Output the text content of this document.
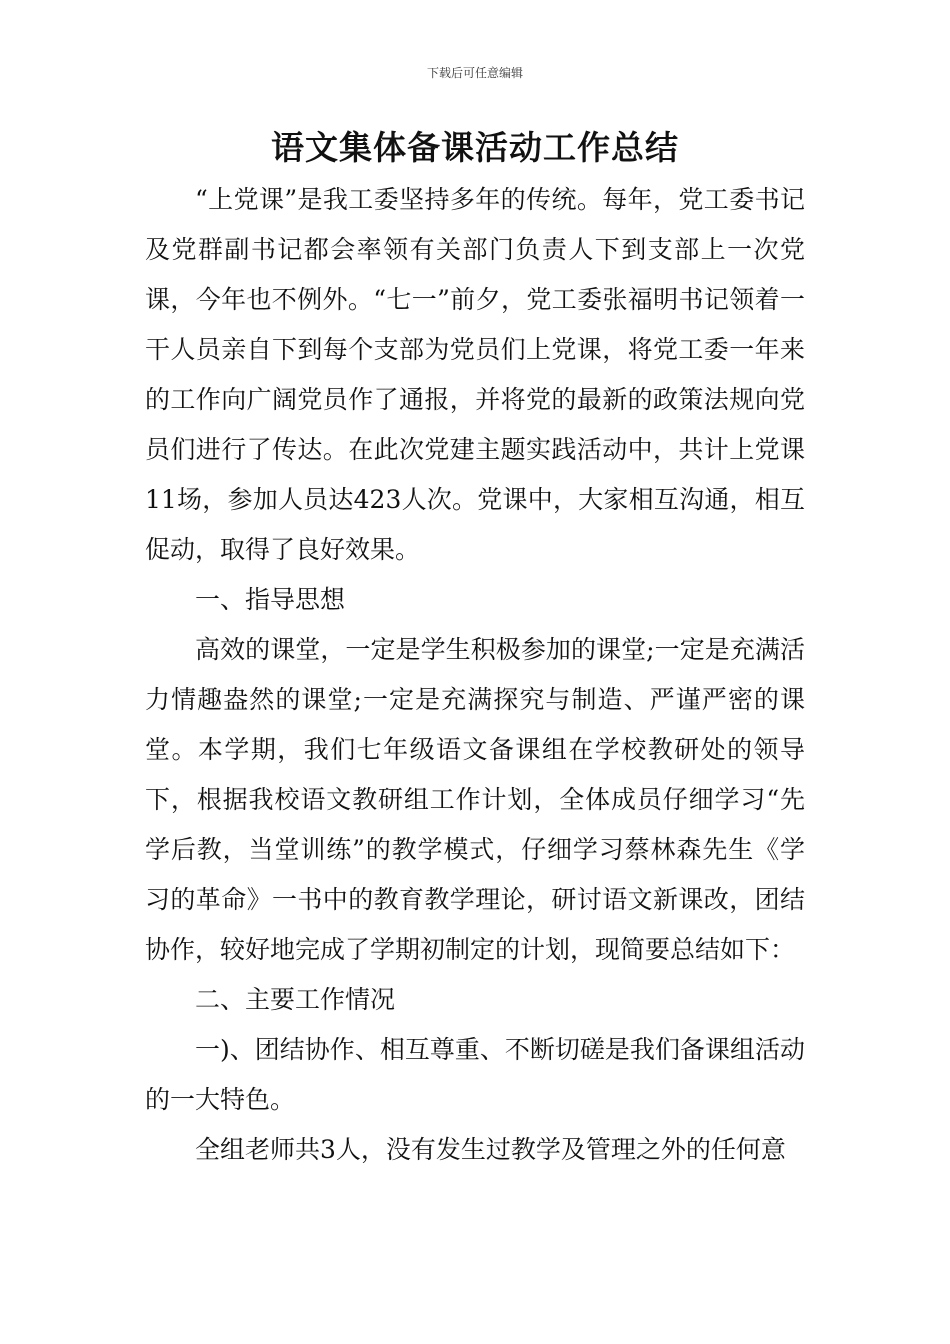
下载后可任意编辑
语文集体备课活动工作总结

“上党课”是我工委坚持多年的传统。每年，党工委书记及党群副书记都会率领有关部门负责人下到支部上一次党课，今年也不例外。“七一”前夕，党工委张福明书记领着一干人员亲自下到每个支部为党员们上党课，将党工委一年来的工作向广阔党员作了通报，并将党的最新的政策法规向党员们进行了传达。在此次党建主题实践活动中，共计上党课11场，参加人员达423人次。党课中，大家相互沟通，相互促动，取得了良好效果。

一、指导思想

高效的课堂，一定是学生积极参加的课堂;一定是充满活力情趣盎然的课堂;一定是充满探究与制造、严谨严密的课堂。本学期，我们七年级语文备课组在学校教研处的领导下，根据我校语文教研组工作计划，全体成员仔细学习“先学后教，当堂训练”的教学模式，仔细学习蔡林森先生《学习的革命》一书中的教育教学理论，研讨语文新课改，团结协作，较好地完成了学期初制定的计划，现简要总结如下：

二、主要工作情况

一)、团结协作、相互尊重、不断切磋是我们备课组活动的一大特色。

全组老师共3人，没有发生过教学及管理之外的任何意
